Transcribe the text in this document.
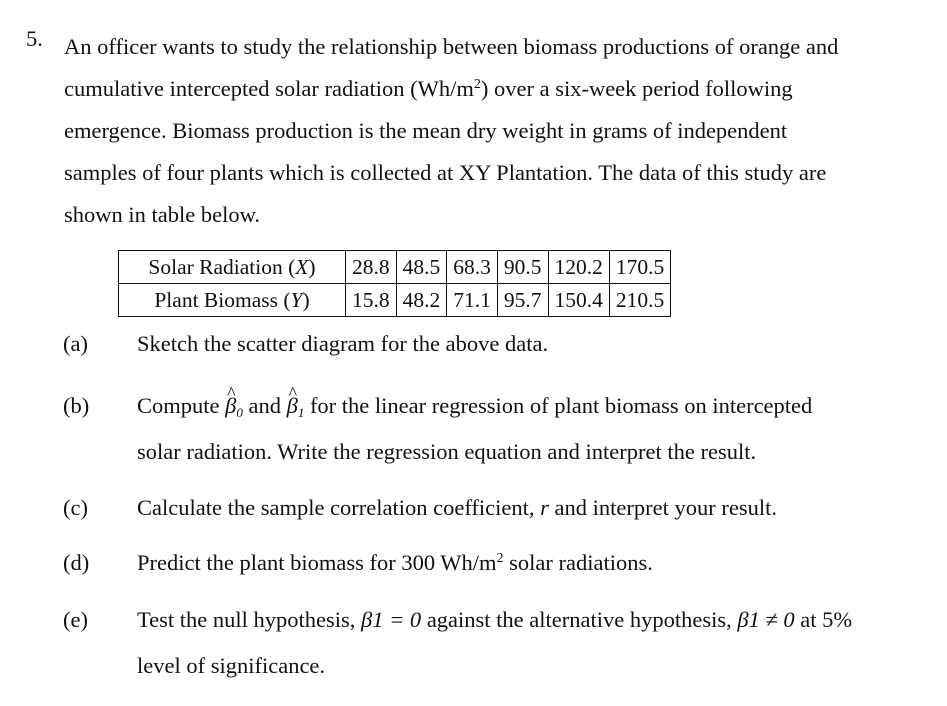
5. An officer wants to study the relationship between biomass productions of orange and
cumulative intercepted solar radiation $(Wh/m^2)$ over a six-week period following
emergence. Biomass production is the mean dry weight in grams of independent
samples of four plants which is collected at XY Plantation. The data of this study are
shown in table below.
Solar Radiation (X)	28.8	48.5	68.3	90.5	120.2	170.5
Plant Biomass (Y)	15.8	48.2	71.1	95.7	150.4	210.5
(a) Sketch the scatter diagram for the above data.
(b) Compute ^ $\beta_0$ and ^ $\beta_1$ for the linear regression of plant biomass on intercepted
solar radiation. Write the regression equation and interpret the result.
(c) Calculate the sample correlation coefficient, r and interpret your result.
(d) Predict the plant biomass for 300 $Wh/m^2$ solar radiations.
(e) Test the null hypothesis, β1 = 0 against the alternative hypothesis, β1 ≠ 0 at 5%
level of significance.
